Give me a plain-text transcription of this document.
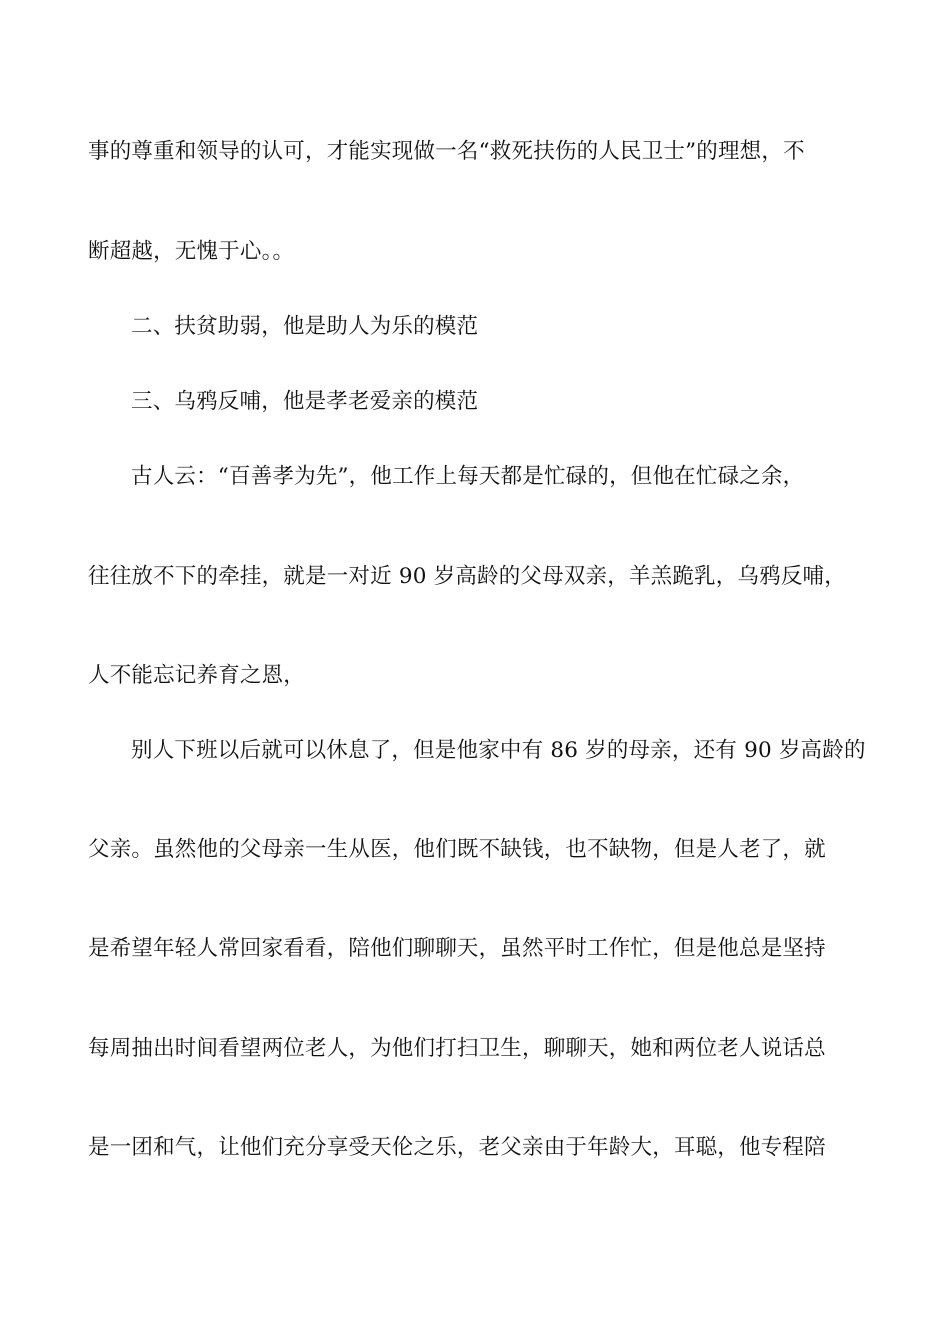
事的尊重和领导的认可，才能实现做一名“救死扶伤的人民卫士”的理想，不
断超越，无愧于心。。
二、扶贫助弱，他是助人为乐的模范
三、乌鸦反哺，他是孝老爱亲的模范
古人云：“百善孝为先”，他工作上每天都是忙碌的，但他在忙碌之余，
往往放不下的牵挂，就是一对近 90 岁高龄的父母双亲，羊羔跪乳，乌鸦反哺，
人不能忘记养育之恩，
别人下班以后就可以休息了，但是他家中有 86 岁的母亲，还有 90 岁高龄的
父亲。虽然他的父母亲一生从医，他们既不缺钱，也不缺物，但是人老了，就
是希望年轻人常回家看看，陪他们聊聊天，虽然平时工作忙，但是他总是坚持
每周抽出时间看望两位老人，为他们打扫卫生，聊聊天，她和两位老人说话总
是一团和气，让他们充分享受天伦之乐，老父亲由于年龄大，耳聪，他专程陪
